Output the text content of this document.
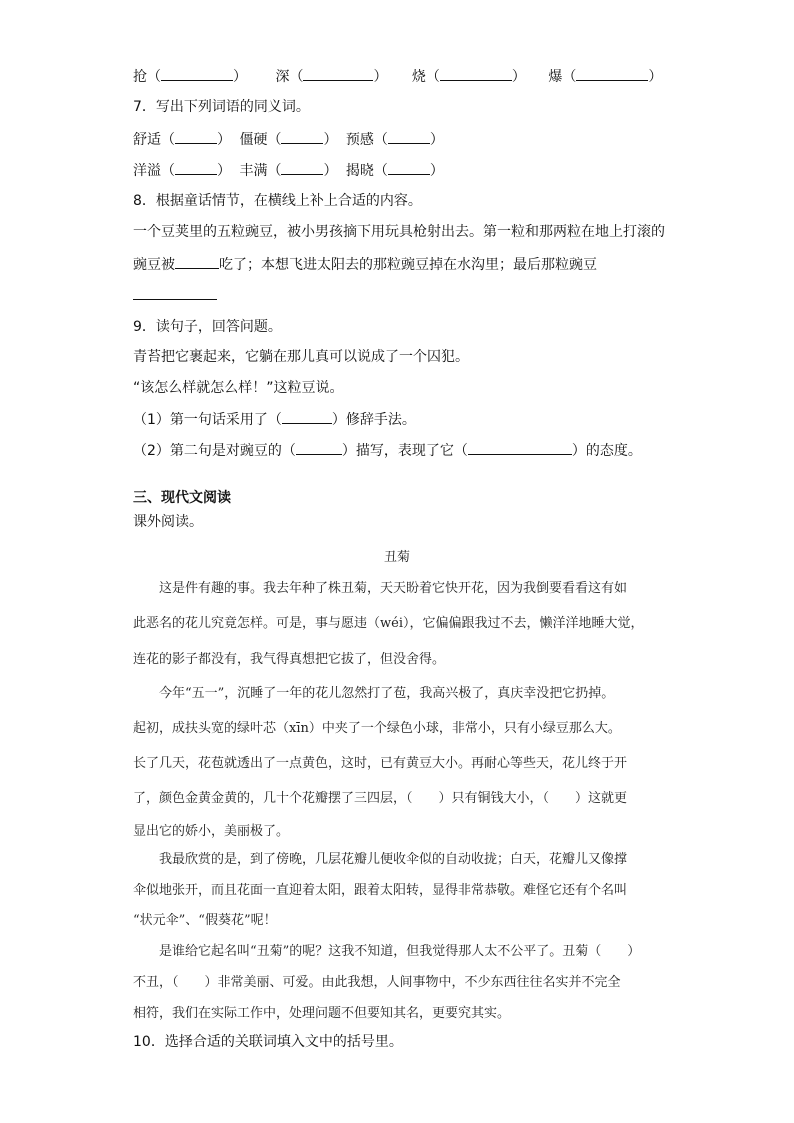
抢（	） 深（	） 烧（	） 爆（	）
7．写出下列词语的同义词。
舒适（	） 僵硬（	） 预感（	）
洋溢（	） 丰满（	） 揭晓（	）
8．根据童话情节，在横线上补上合适的内容。
一个豆荚里的五粒豌豆，被小男孩摘下用玩具枪射出去。第一粒和那两粒在地上打滚的
豌豆被	吃了；本想飞进太阳去的那粒豌豆掉在水沟里；最后那粒豌豆
9．读句子，回答问题。
青苔把它裹起来，它躺在那儿真可以说成了一个囚犯。
“该怎么样就怎么样！”这粒豆说。
（1）第一句话采用了（	）修辞手法。
（2）第二句是对豌豆的（	）描写，表现了它（	）的态度。
三、现代文阅读
课外阅读。
丑菊
　　这是件有趣的事。我去年种了株丑菊，天天盼着它快开花，因为我倒要看看这有如
此恶名的花儿究竟怎样。可是，事与愿违（wéi），它偏偏跟我过不去，懒洋洋地睡大觉，
连花的影子都没有，我气得真想把它拔了，但没舍得。
　　今年“五一”，沉睡了一年的花儿忽然打了苞，我高兴极了，真庆幸没把它扔掉。
起初，成扶头宽的绿叶芯（xīn）中夹了一个绿色小球，非常小，只有小绿豆那么大。
长了几天，花苞就透出了一点黄色，这时，已有黄豆大小。再耐心等些天，花儿终于开
了，颜色金黄金黄的，几十个花瓣摆了三四层，（　　）只有铜钱大小，（　　）这就更
显出它的娇小，美丽极了。
　　我最欣赏的是，到了傍晚，几层花瓣儿便收伞似的自动收拢；白天，花瓣儿又像撑
伞似地张开，而且花面一直迎着太阳，跟着太阳转，显得非常恭敬。难怪它还有个名叫
“状元伞”、“假葵花”呢！
　　是谁给它起名叫“丑菊”的呢？这我不知道，但我觉得那人太不公平了。丑菊（　　）
不丑，（　　）非常美丽、可爱。由此我想，人间事物中，不少东西往往名实并不完全
相符，我们在实际工作中，处理问题不但要知其名，更要究其实。
10．选择合适的关联词填入文中的括号里。
